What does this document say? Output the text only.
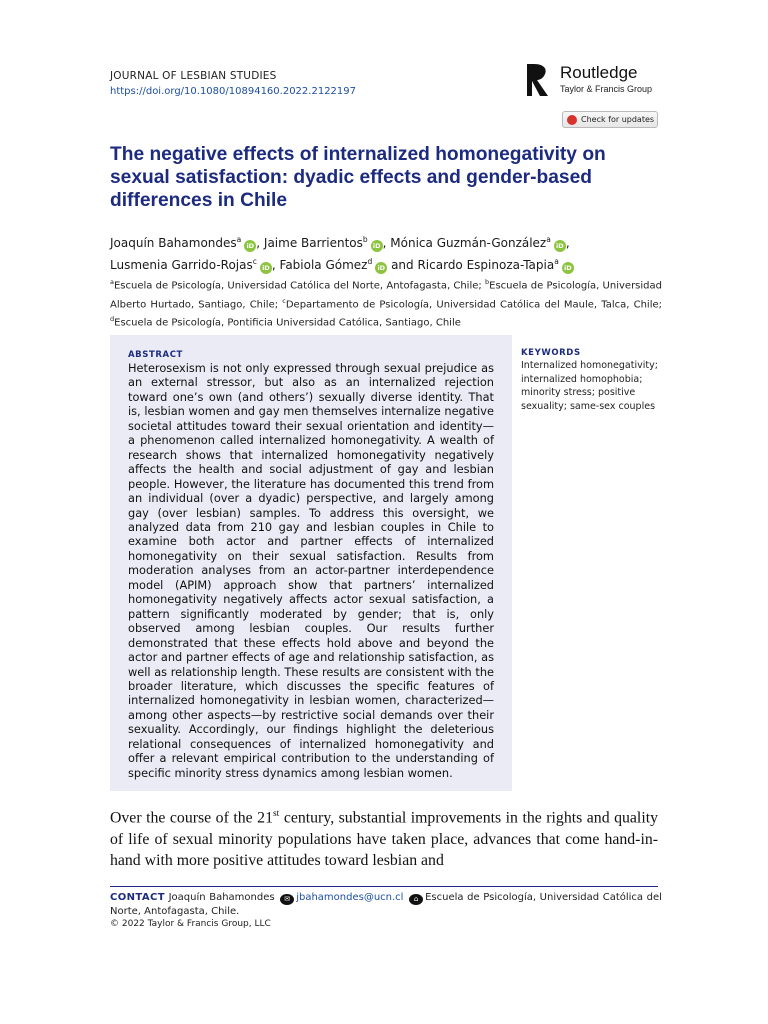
JOURNAL OF LESBIAN STUDIES
https://doi.org/10.1080/10894160.2022.2122197
Routledge
Taylor & Francis Group
Check for updates
The negative effects of internalized homonegativity on sexual satisfaction: dyadic effects and gender-based differences in Chile
Joaquín Bahamondes$^a$iD , Jaime Barrientos$^b$iD , Mónica Guzmán-González$^a$iD ,
Lusmenia Garrido-Rojas$^c$iD , Fabiola Gómez$^d$iD and Ricardo Espinoza-Tapia$^a$iD
$^a$Escuela de Psicología, Universidad Católica del Norte, Antofagasta, Chile; $^b$Escuela de Psicología, Universidad Alberto Hurtado, Santiago, Chile; $^c$Departamento de Psicología, Universidad Católica del Maule, Talca, Chile; $^d$Escuela de Psicología, Pontificia Universidad Católica, Santiago, Chile
ABSTRACT
Heterosexism is not only expressed through sexual prejudice as an external stressor, but also as an internalized rejection toward one’s own (and others’) sexually diverse identity. That is, lesbian women and gay men themselves internalize negative societal attitudes toward their sexual orientation and identity—a phenomenon called internalized homonegativity. A wealth of research shows that internalized homonegativity negatively affects the health and social adjustment of gay and lesbian people. However, the literature has documented this trend from an individual (over a dyadic) perspective, and largely among gay (over lesbian) samples. To address this oversight, we analyzed data from 210 gay and lesbian couples in Chile to examine both actor and partner effects of internalized homonegativity on their sexual satisfaction. Results from moderation analyses from an actor-partner interdependence model (APIM) approach show that partners’ internalized homonegativity negatively affects actor sexual satisfaction, a pattern significantly moderated by gender; that is, only observed among lesbian couples. Our results further demonstrated that these effects hold above and beyond the actor and partner effects of age and relationship satisfaction, as well as relationship length. These results are consistent with the broader literature, which discusses the specific features of internalized homonegativity in lesbian women, characterized—among other aspects—by restrictive social demands over their sexuality. Accordingly, our findings highlight the deleterious relational consequences of internalized homonegativity and offer a relevant empirical contribution to the understanding of specific minority stress dynamics among lesbian women.
KEYWORDS
Internalized homonegativity; internalized homophobia; minority stress; positive sexuality; same-sex couples
Over the course of the 21st century, substantial improvements in the rights and quality of life of sexual minority populations have taken place, advances that come hand-in-hand with more positive attitudes toward lesbian and
CONTACT Joaquín Bahamondes ✉ jbahamondes@ucn.cl ⌂ Escuela de Psicología, Universidad Católica del Norte, Antofagasta, Chile.
© 2022 Taylor & Francis Group, LLC
